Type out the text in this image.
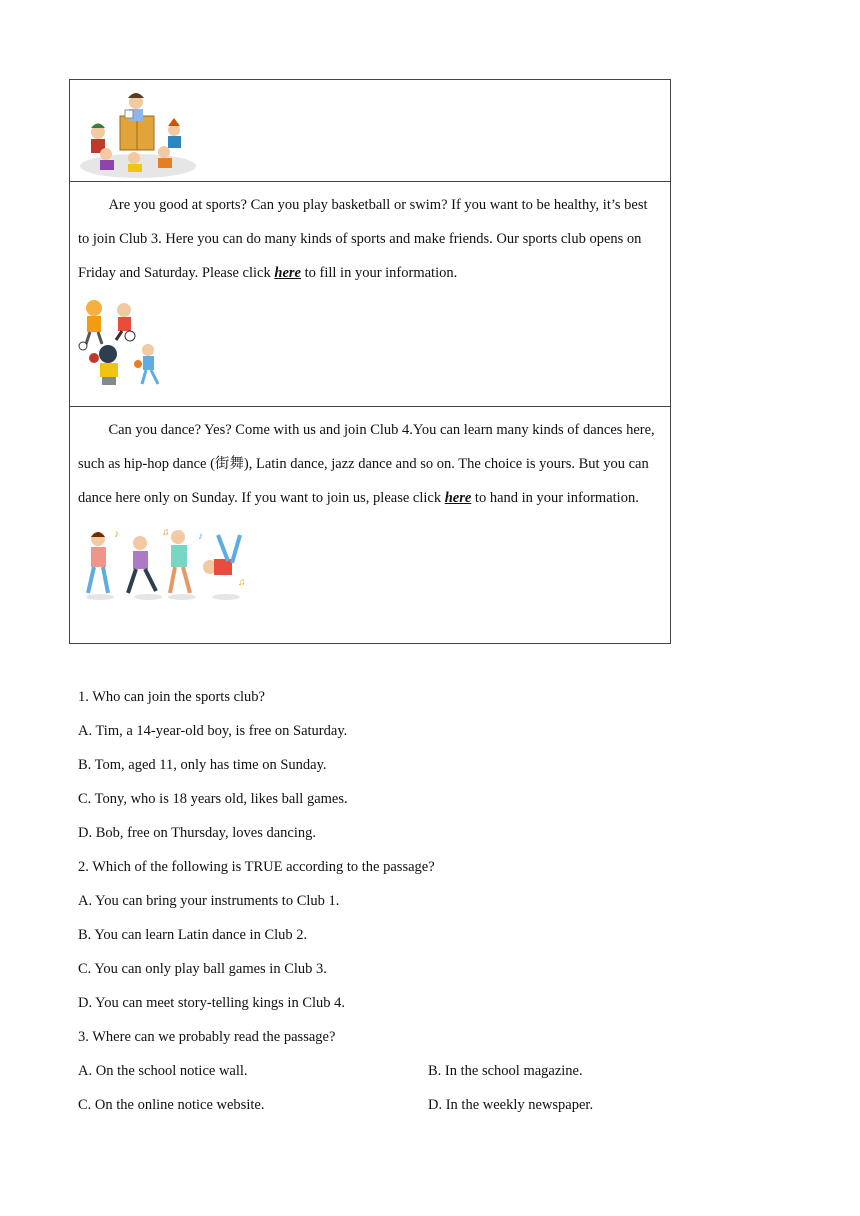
Are you good at sports? Can you play basketball or swim? If you want to be healthy, it’s best to join Club 3. Here you can do many kinds of sports and make friends. Our sports club opens on Friday and Saturday. Please click here to fill in your information.

Can you dance? Yes? Come with us and join Club 4.You can learn many kinds of dances here, such as hip-hop dance (街舞), Latin dance, jazz dance and so on. The choice is yours. But you can dance here only on Sunday. If you want to join us, please click here to hand in your information.

♪	♫	♪
♫
1. Who can join the sports club?
A. Tim, a 14-year-old boy, is free on Saturday.
B. Tom, aged 11, only has time on Sunday.
C. Tony, who is 18 years old, likes ball games.
D. Bob, free on Thursday, loves dancing.
2. Which of the following is TRUE according to the passage?
A. You can bring your instruments to Club 1.
B. You can learn Latin dance in Club 2.
C. You can only play ball games in Club 3.
D. You can meet story-telling kings in Club 4.
3. Where can we probably read the passage?
A. On the school notice wall.	B. In the school magazine.
C. On the online notice website.	D. In the weekly newspaper.
